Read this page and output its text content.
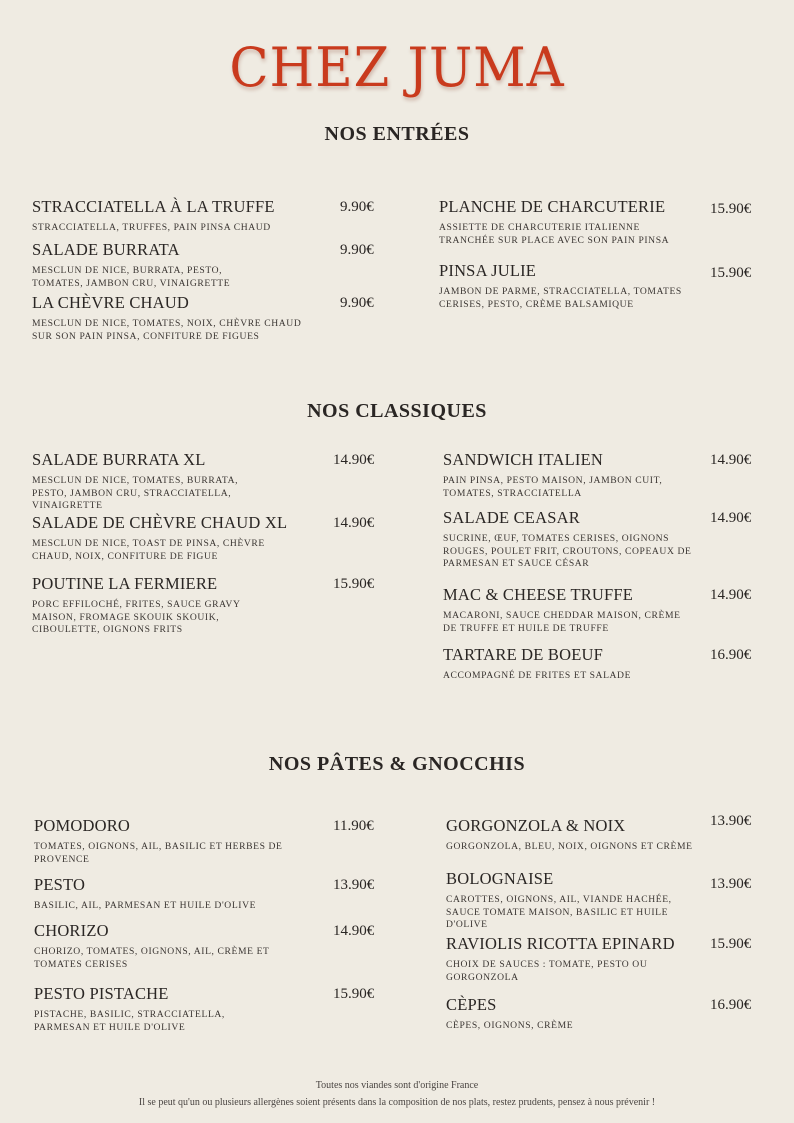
CHEZ JUMA
NOS ENTRÉES
STRACCIATELLA À LA TRUFFE
STRACCIATELLA, TRUFFES, PAIN PINSA CHAUD
9.90€
SALADE BURRATA
MESCLUN DE NICE, BURRATA, PESTO, TOMATES, JAMBON CRU, VINAIGRETTE
9.90€
LA CHÈVRE CHAUD
MESCLUN DE NICE, TOMATES, NOIX, CHÈVRE CHAUD SUR SON PAIN PINSA, CONFITURE DE FIGUES
9.90€
PLANCHE DE CHARCUTERIE
ASSIETTE DE CHARCUTERIE ITALIENNE TRANCHÉE SUR PLACE AVEC SON PAIN PINSA
15.90€
PINSA JULIE
JAMBON DE PARME, STRACCIATELLA, TOMATES CERISES, PESTO, CRÈME BALSAMIQUE
15.90€
NOS CLASSIQUES
SALADE BURRATA XL
MESCLUN DE NICE, TOMATES, BURRATA, PESTO, JAMBON CRU, STRACCIATELLA, VINAIGRETTE
14.90€
SALADE DE CHÈVRE CHAUD XL
MESCLUN DE NICE, TOAST DE PINSA, CHÈVRE CHAUD, NOIX, CONFITURE DE FIGUE
14.90€
POUTINE LA FERMIERE
PORC EFFILOCHÉ, FRITES, SAUCE GRAVY MAISON, FROMAGE SKOUIK SKOUIK, CIBOULETTE, OIGNONS FRITS
15.90€
SANDWICH ITALIEN
PAIN PINSA, PESTO MAISON, JAMBON CUIT, TOMATES, STRACCIATELLA
14.90€
SALADE CEASAR
SUCRINE, ŒUF, TOMATES CERISES, OIGNONS ROUGES, POULET FRIT, CROUTONS, COPEAUX DE PARMESAN ET SAUCE CÉSAR
14.90€
MAC & CHEESE TRUFFE
MACARONI, SAUCE CHEDDAR MAISON, CRÈME DE TRUFFE ET HUILE DE TRUFFE
14.90€
TARTARE DE BOEUF
ACCOMPAGNÉ DE FRITES ET SALADE
16.90€
NOS PÂTES & GNOCCHIS
POMODORO
TOMATES, OIGNONS, AIL, BASILIC ET HERBES DE PROVENCE
11.90€
PESTO
BASILIC, AIL, PARMESAN ET HUILE D'OLIVE
13.90€
CHORIZO
CHORIZO, TOMATES, OIGNONS, AIL, CRÈME ET TOMATES CERISES
14.90€
PESTO PISTACHE
PISTACHE, BASILIC, STRACCIATELLA, PARMESAN ET HUILE D'OLIVE
15.90€
GORGONZOLA & NOIX
GORGONZOLA, BLEU, NOIX, OIGNONS ET CRÈME
13.90€
BOLOGNAISE
CAROTTES, OIGNONS, AIL, VIANDE HACHÉE, SAUCE TOMATE MAISON, BASILIC ET HUILE D'OLIVE
13.90€
RAVIOLIS RICOTTA EPINARD
CHOIX DE SAUCES : TOMATE, PESTO OU GORGONZOLA
15.90€
CÈPES
CÈPES, OIGNONS, CRÈME
16.90€
Toutes nos viandes sont d'origine France
Il se peut qu'un ou plusieurs allergènes soient présents dans la composition de nos plats, restez prudents, pensez à nous prévenir !
